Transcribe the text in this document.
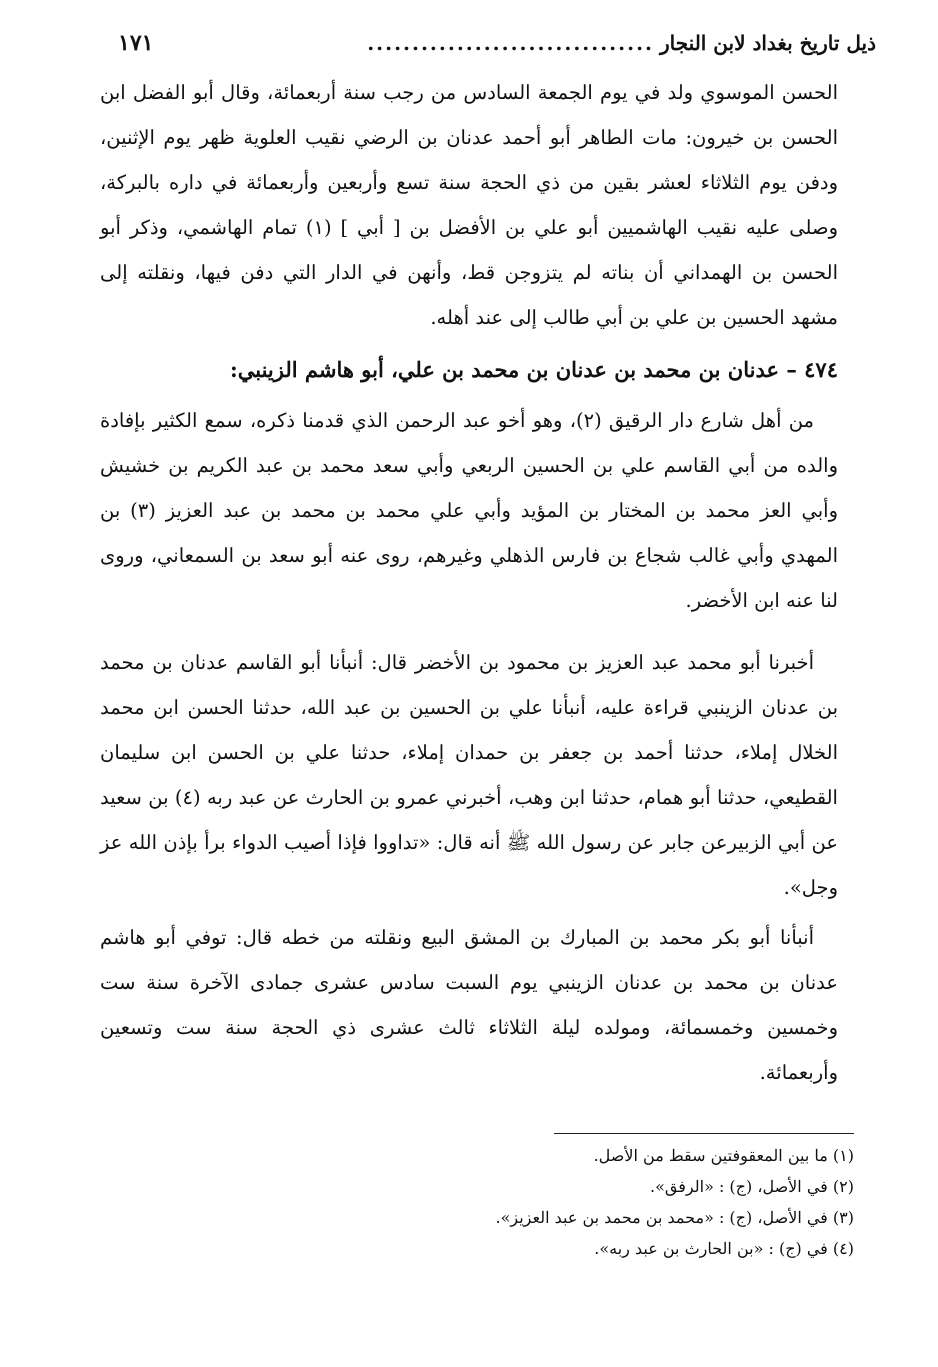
ذيل تاريخ بغداد لابن النجار
................................
١٧١

الحسن الموسوي ولد في يوم الجمعة السادس من رجب سنة أربعمائة، وقال أبو الفضل ابن الحسن بن خيرون: مات الطاهر أبو أحمد عدنان بن الرضي نقيب العلوية ظهر يوم الإثنين، ودفن يوم الثلاثاء لعشر بقين من ذي الحجة سنة تسع وأربعين وأربعمائة في داره بالبركة، وصلى عليه نقيب الهاشميين أبو علي بن الأفضل بن [ أبي ] (١) تمام الهاشمي، وذكر أبو الحسن بن الهمداني أن بناته لم يتزوجن قط، وأنهن في الدار التي دفن فيها، ونقلته إلى مشهد الحسين بن علي بن أبي طالب إلى عند أهله.

٤٧٤ – عدنان بن محمد بن عدنان بن محمد بن علي، أبو هاشم الزينبي:

من أهل شارع دار الرقيق (٢)، وهو أخو عبد الرحمن الذي قدمنا ذكره، سمع الكثير بإفادة والده من أبي القاسم علي بن الحسين الربعي وأبي سعد محمد بن عبد الكريم بن خشيش وأبي العز محمد بن المختار بن المؤيد وأبي علي محمد بن محمد بن عبد العزيز (٣) بن المهدي وأبي غالب شجاع بن فارس الذهلي وغيرهم، روى عنه أبو سعد بن السمعاني، وروى لنا عنه ابن الأخضر.

أخبرنا أبو محمد عبد العزيز بن محمود بن الأخضر قال: أنبأنا أبو القاسم عدنان بن محمد بن عدنان الزينبي قراءة عليه، أنبأنا علي بن الحسين بن عبد الله، حدثنا الحسن ابن محمد الخلال إملاء، حدثنا أحمد بن جعفر بن حمدان إملاء، حدثنا علي بن الحسن ابن سليمان القطيعي، حدثنا أبو همام، حدثنا ابن وهب، أخبرني عمرو بن الحارث عن عبد ربه (٤) بن سعيد عن أبي الزبيرعن جابر عن رسول الله ﷺ أنه قال: «تداووا فإذا أصيب الدواء برأ بإذن الله عز وجل».

أنبأنا أبو بكر محمد بن المبارك بن المشق البيع ونقلته من خطه قال: توفي أبو هاشم عدنان بن محمد بن عدنان الزينبي يوم السبت سادس عشرى جمادى الآخرة سنة ست وخمسين وخمسمائة، ومولده ليلة الثلاثاء ثالث عشرى ذي الحجة سنة ست وتسعين وأربعمائة.

(١) ما بين المعقوفتين سقط من الأصل.
(٢) في الأصل، (ج) : «الرفق».
(٣) في الأصل، (ج) : «محمد بن محمد بن عبد العزيز».
(٤) في (ج) : «بن الحارث بن عبد ربه».
